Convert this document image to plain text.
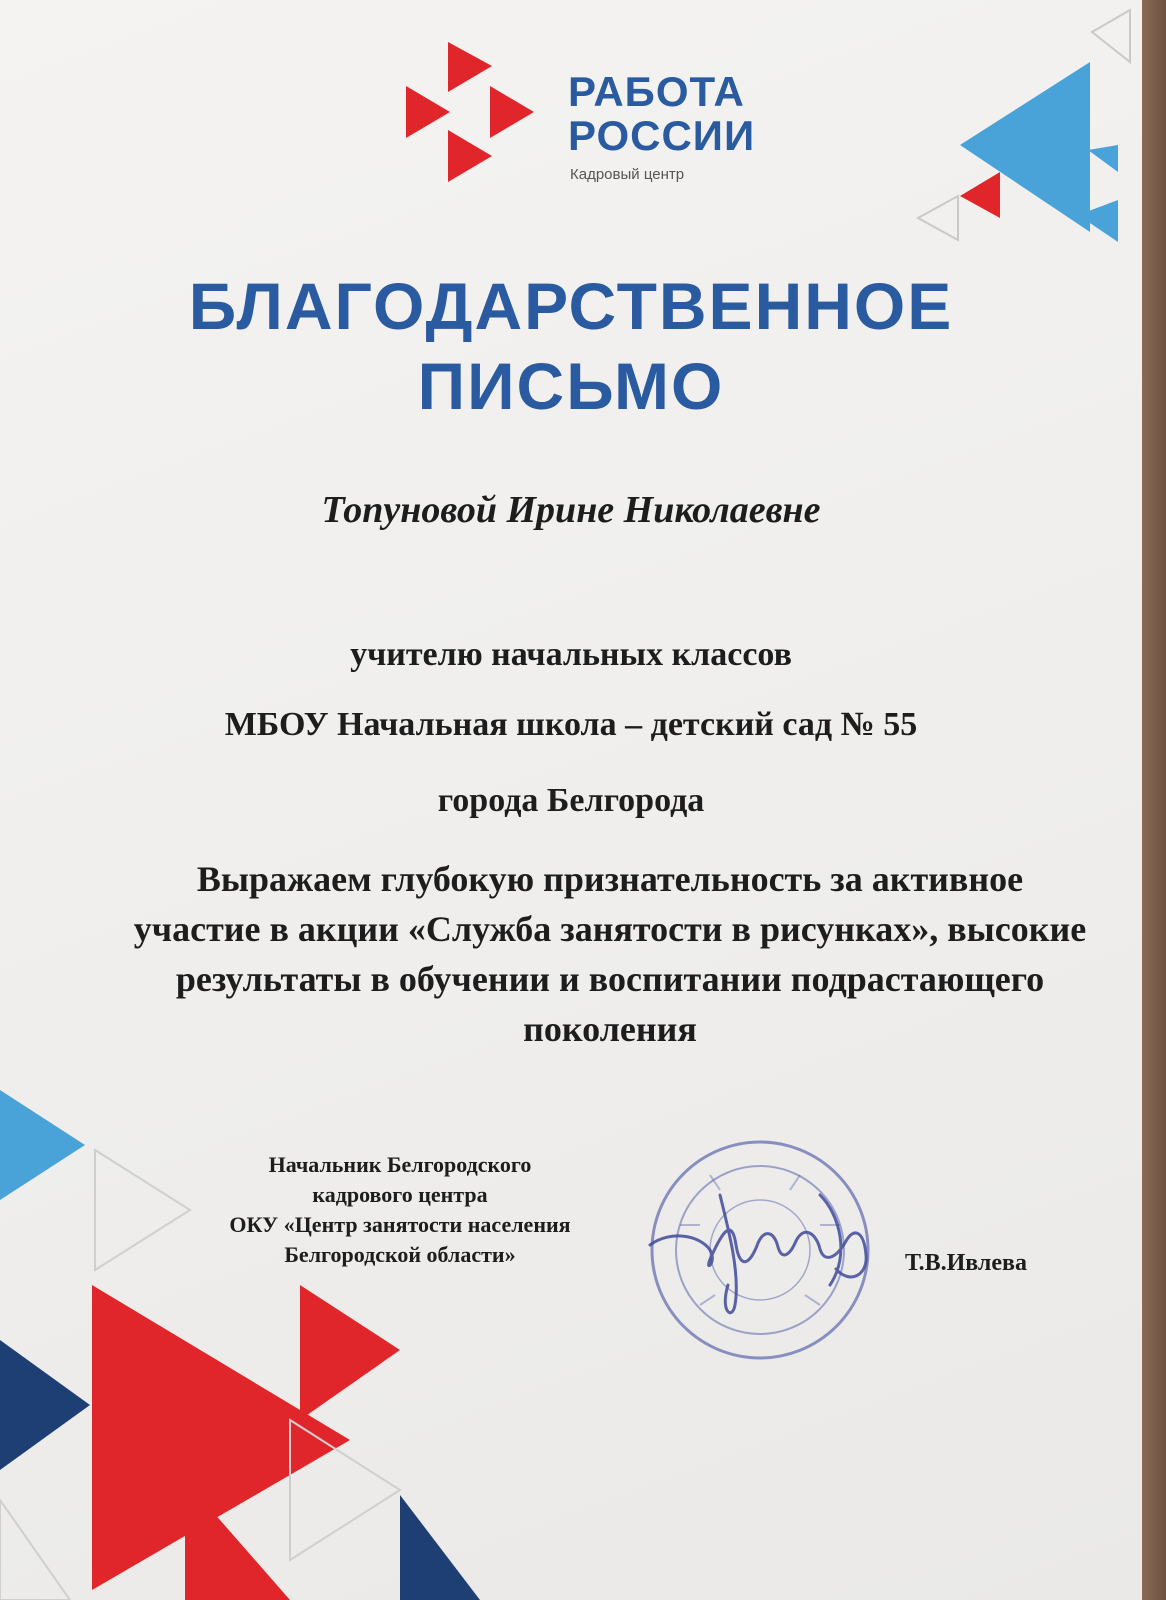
РАБОТА
РОССИИ
Кадровый центр
БЛАГОДАРСТВЕННОЕ
ПИСЬМО
Топуновой Ирине Николаевне
учителю начальных классов
МБОУ Начальная школа – детский сад № 55
города Белгорода
Выражаем глубокую признательность за активное участие в акции «Служба занятости в рисунках», высокие результаты в обучении и воспитании подрастающего поколения
Начальник Белгородского
кадрового центра
ОКУ «Центр занятости населения
Белгородской области»	Т.В.Ивлева
